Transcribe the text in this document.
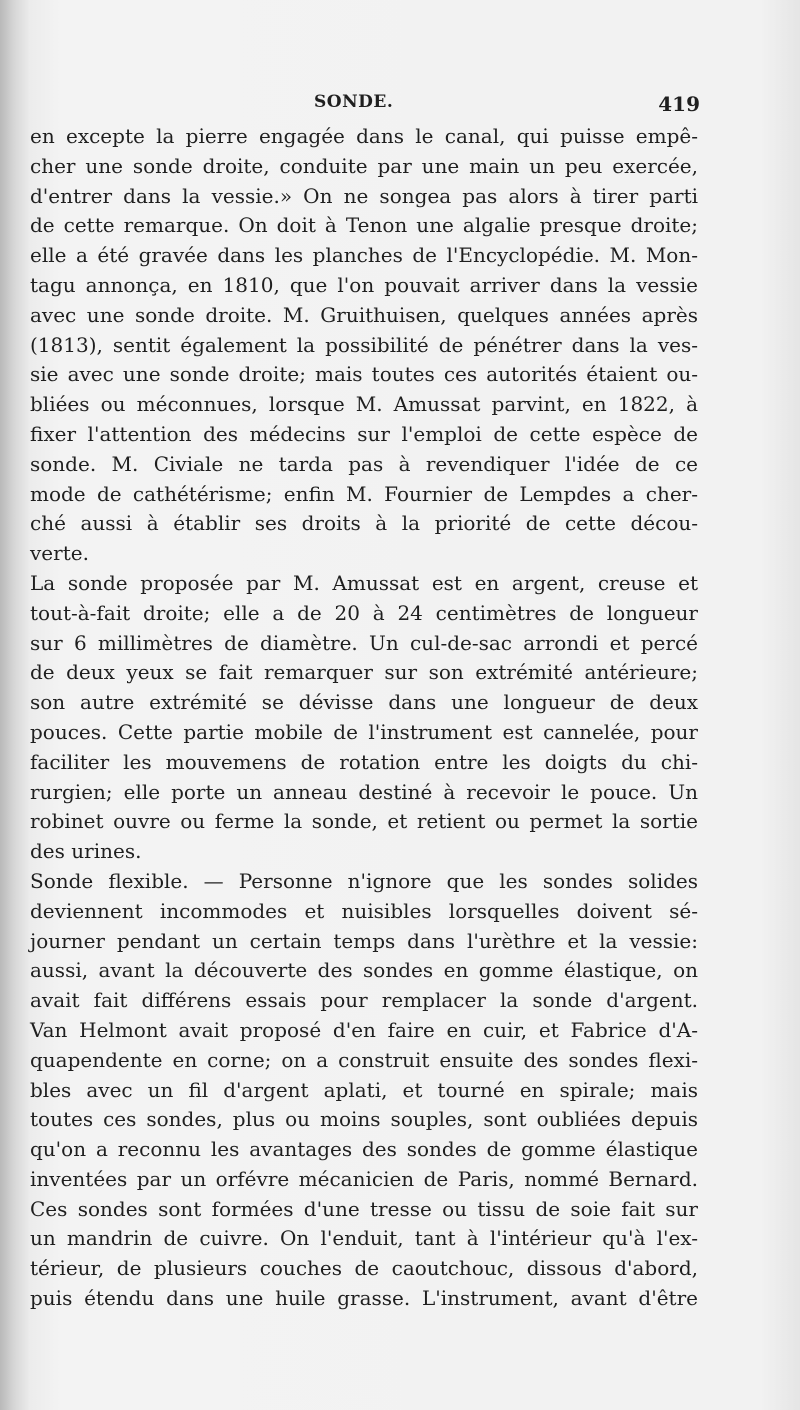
SONDE.	419
en excepte la pierre engagée dans le canal, qui puisse empê-
cher une sonde droite, conduite par une main un peu exercée,
d'entrer dans la vessie.» On ne songea pas alors à tirer parti
de cette remarque. On doit à Tenon une algalie presque droite;
elle a été gravée dans les planches de l'Encyclopédie. M. Mon-
tagu annonça, en 1810, que l'on pouvait arriver dans la vessie
avec une sonde droite. M. Gruithuisen, quelques années après
(1813), sentit également la possibilité de pénétrer dans la ves-
sie avec une sonde droite; mais toutes ces autorités étaient ou-
bliées ou méconnues, lorsque M. Amussat parvint, en 1822, à
fixer l'attention des médecins sur l'emploi de cette espèce de
sonde. M. Civiale ne tarda pas à revendiquer l'idée de ce
mode de cathétérisme; enfin M. Fournier de Lempdes a cher-
ché aussi à établir ses droits à la priorité de cette décou-
verte.
La sonde proposée par M. Amussat est en argent, creuse et
tout-à-fait droite; elle a de 20 à 24 centimètres de longueur
sur 6 millimètres de diamètre. Un cul-de-sac arrondi et percé
de deux yeux se fait remarquer sur son extrémité antérieure;
son autre extrémité se dévisse dans une longueur de deux
pouces. Cette partie mobile de l'instrument est cannelée, pour
faciliter les mouvemens de rotation entre les doigts du chi-
rurgien; elle porte un anneau destiné à recevoir le pouce. Un
robinet ouvre ou ferme la sonde, et retient ou permet la sortie
des urines.
Sonde flexible. — Personne n'ignore que les sondes solides
deviennent incommodes et nuisibles lorsquelles doivent sé-
journer pendant un certain temps dans l'urèthre et la vessie:
aussi, avant la découverte des sondes en gomme élastique, on
avait fait différens essais pour remplacer la sonde d'argent.
Van Helmont avait proposé d'en faire en cuir, et Fabrice d'A-
quapendente en corne; on a construit ensuite des sondes flexi-
bles avec un fil d'argent aplati, et tourné en spirale; mais
toutes ces sondes, plus ou moins souples, sont oubliées depuis
qu'on a reconnu les avantages des sondes de gomme élastique
inventées par un orfévre mécanicien de Paris, nommé Bernard.
Ces sondes sont formées d'une tresse ou tissu de soie fait sur
un mandrin de cuivre. On l'enduit, tant à l'intérieur qu'à l'ex-
térieur, de plusieurs couches de caoutchouc, dissous d'abord,
puis étendu dans une huile grasse. L'instrument, avant d'être
